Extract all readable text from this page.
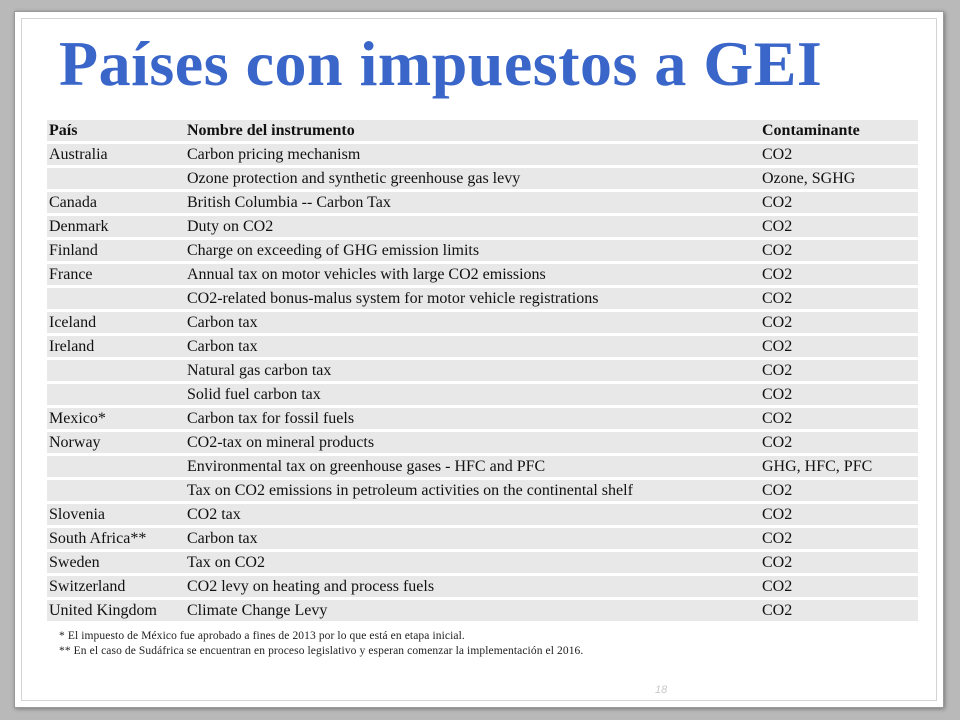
Países con impuestos a GEI
País	Nombre del instrumento	Contaminante
Australia	Carbon pricing mechanism	CO2
	Ozone protection and synthetic greenhouse gas levy	Ozone, SGHG
Canada	British Columbia -- Carbon Tax	CO2
Denmark	Duty on CO2	CO2
Finland	Charge on exceeding of GHG emission limits	CO2
France	Annual tax on motor vehicles with large CO2 emissions	CO2
	CO2-related bonus-malus system for motor vehicle registrations	CO2
Iceland	Carbon tax	CO2
Ireland	Carbon tax	CO2
	Natural gas carbon tax	CO2
	Solid fuel carbon tax	CO2
Mexico*	Carbon tax for fossil fuels	CO2
Norway	CO2-tax on mineral products	CO2
	Environmental tax on greenhouse gases - HFC and PFC	GHG, HFC, PFC
	Tax on CO2 emissions in petroleum activities on the continental shelf	CO2
Slovenia	CO2 tax	CO2
South Africa**	Carbon tax	CO2
Sweden	Tax on CO2	CO2
Switzerland	CO2 levy on heating and process fuels	CO2
United Kingdom	Climate Change Levy	CO2
* El impuesto de México fue aprobado a fines de 2013 por lo que está en etapa inicial.
** En el caso de Sudáfrica se encuentran en proceso legislativo y esperan comenzar la implementación el 2016.
18
